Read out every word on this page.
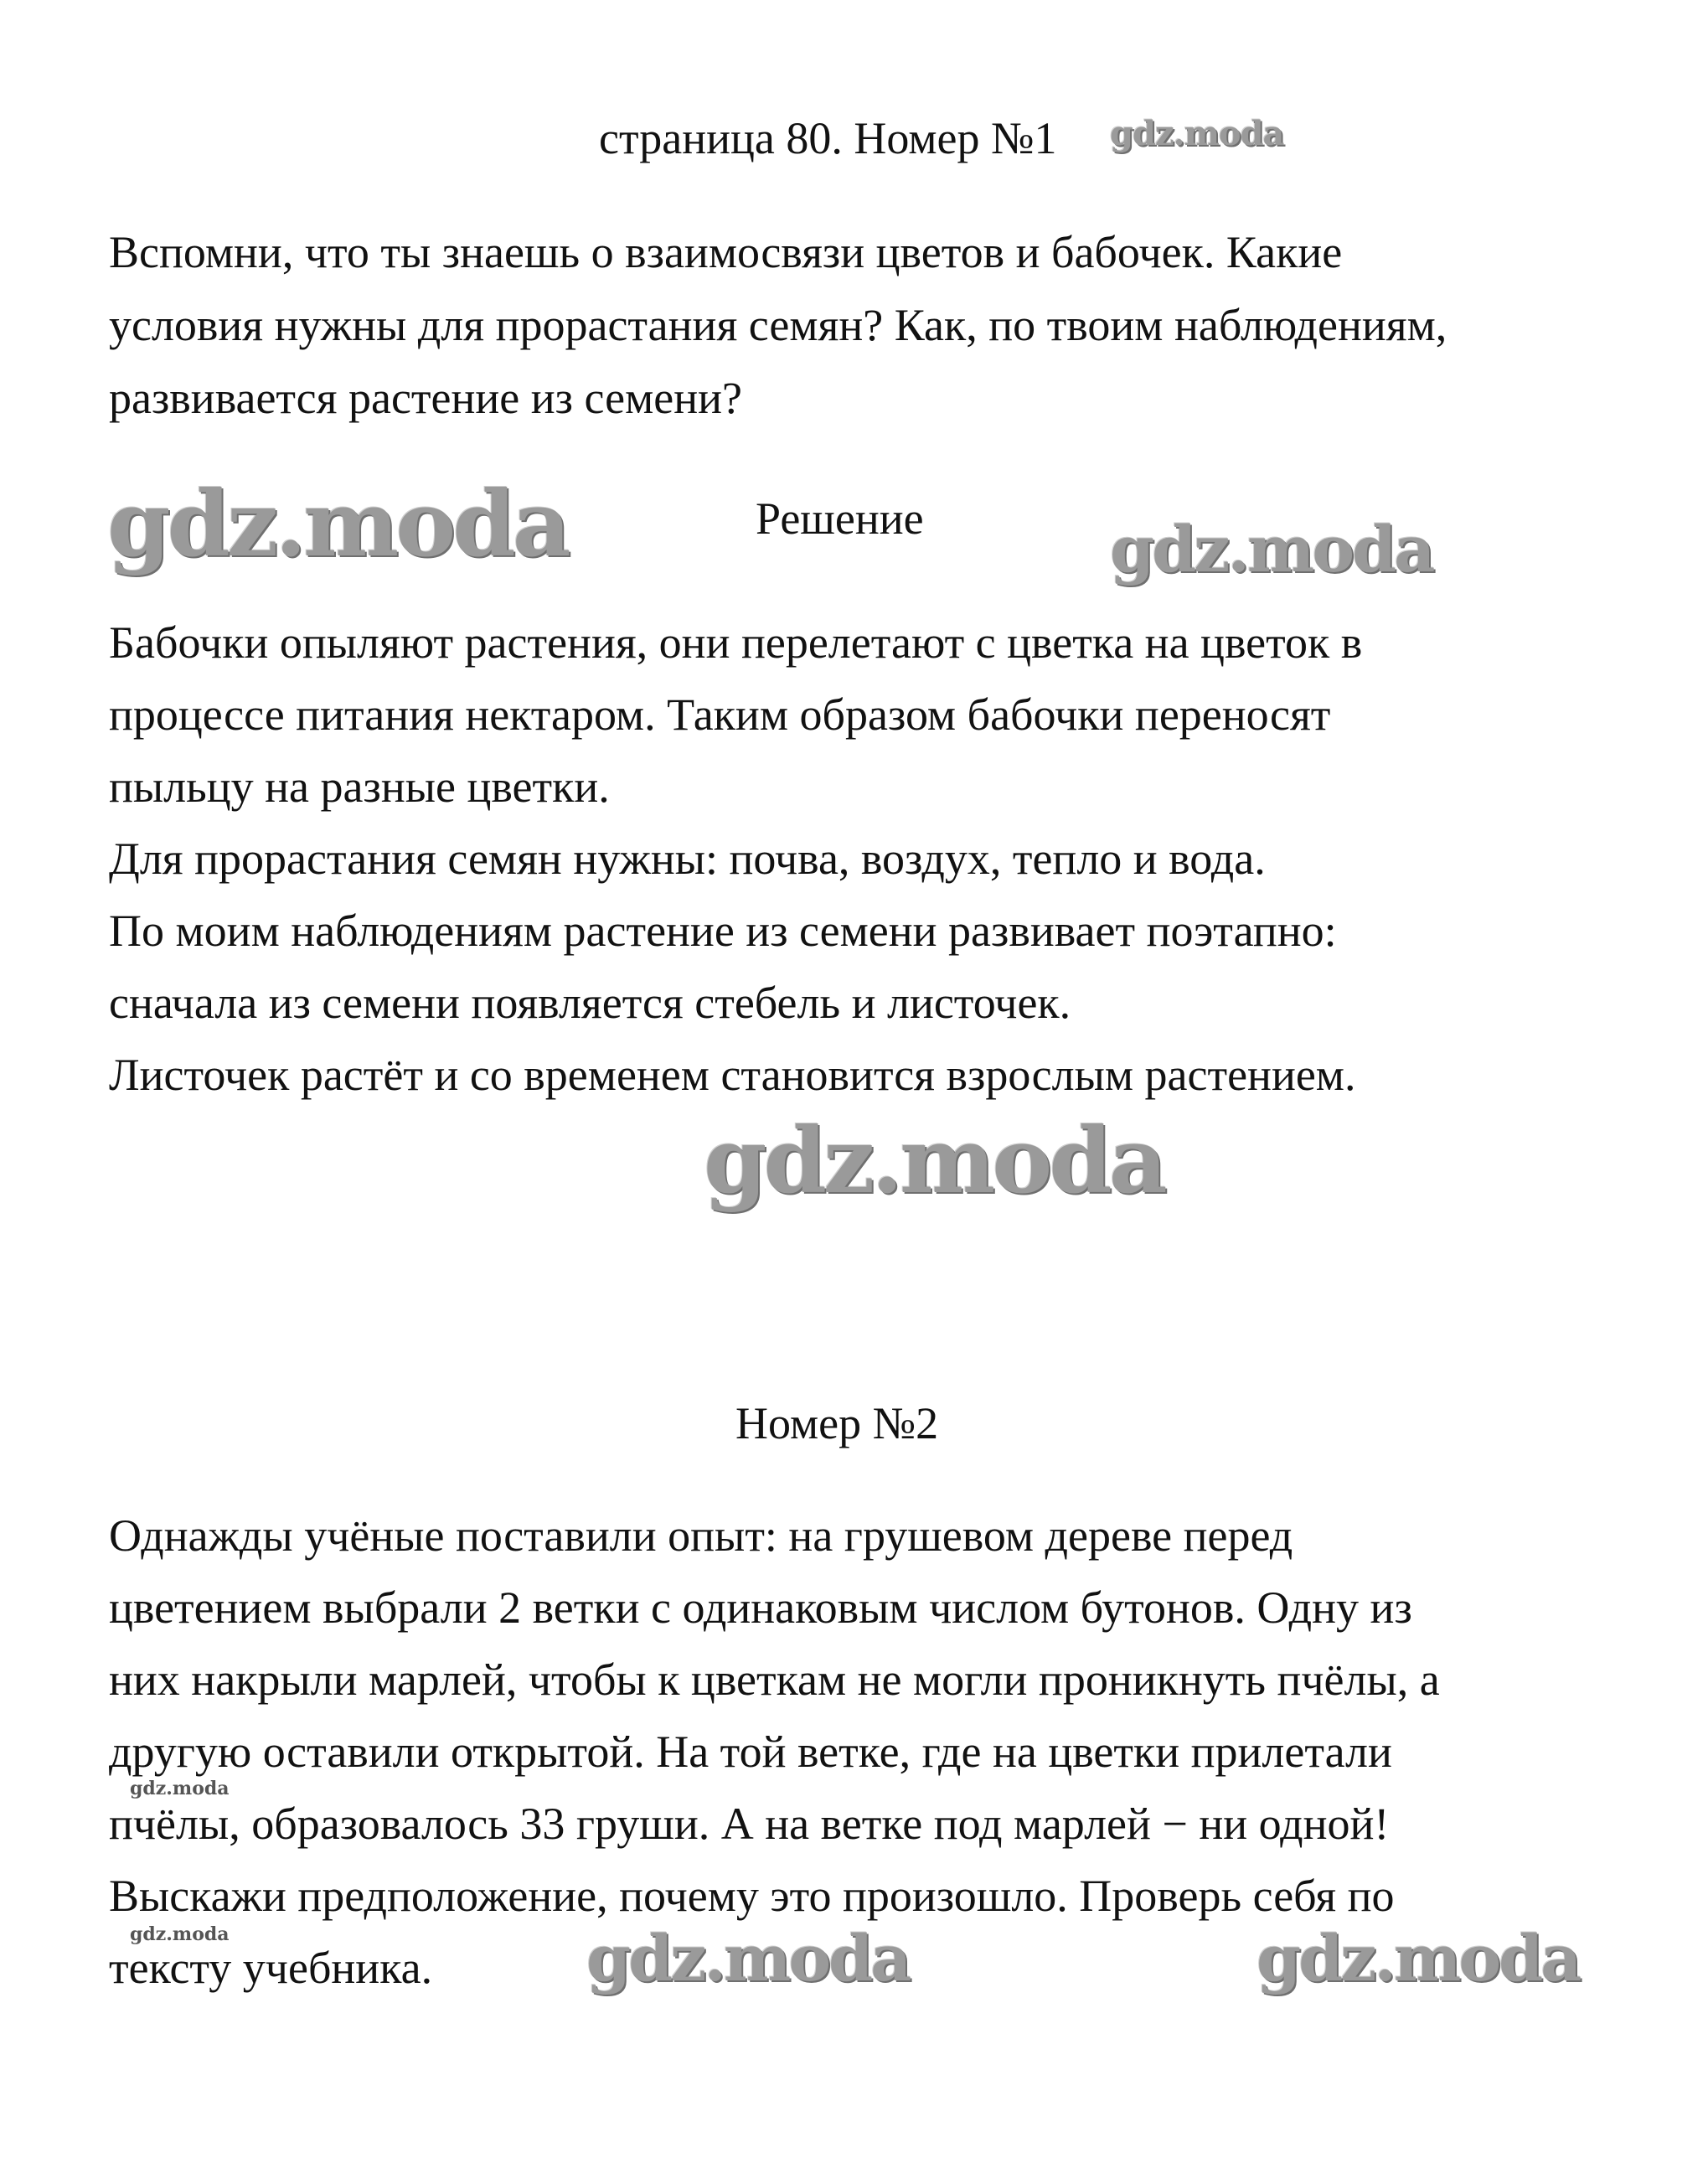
страница 80. Номер №1 gdz.moda
Вспомни, что ты знаешь о взаимосвязи цветов и бабочек. Какие
условия нужны для прорастания семян? Как, по твоим наблюдениям,
развивается растение из семени?
gdz.moda	Решение	gdz.moda
Бабочки опыляют растения, они перелетают с цветка на цветок в
процессе питания нектаром. Таким образом бабочки переносят
пыльцу на разные цветки.
Для прорастания семян нужны: почва, воздух, тепло и вода.
По моим наблюдениям растение из семени развивает поэтапно:
сначала из семени появляется стебель и листочек.
Листочек растёт и со временем становится взрослым растением.
gdz.moda
Номер №2
Однажды учёные поставили опыт: на грушевом дереве перед
цветением выбрали 2 ветки с одинаковым числом бутонов. Одну из
них накрыли марлей, чтобы к цветкам не могли проникнуть пчёлы, а
другую оставили открытой. На той ветке, где на цветки прилетали
пчёлы, образовалось 33 груши. А на ветке под марлей − ни одной!
Выскажи предположение, почему это произошло. Проверь себя по
тексту учебника.
gdz.moda
gdz.moda	gdz.moda	gdz.moda
